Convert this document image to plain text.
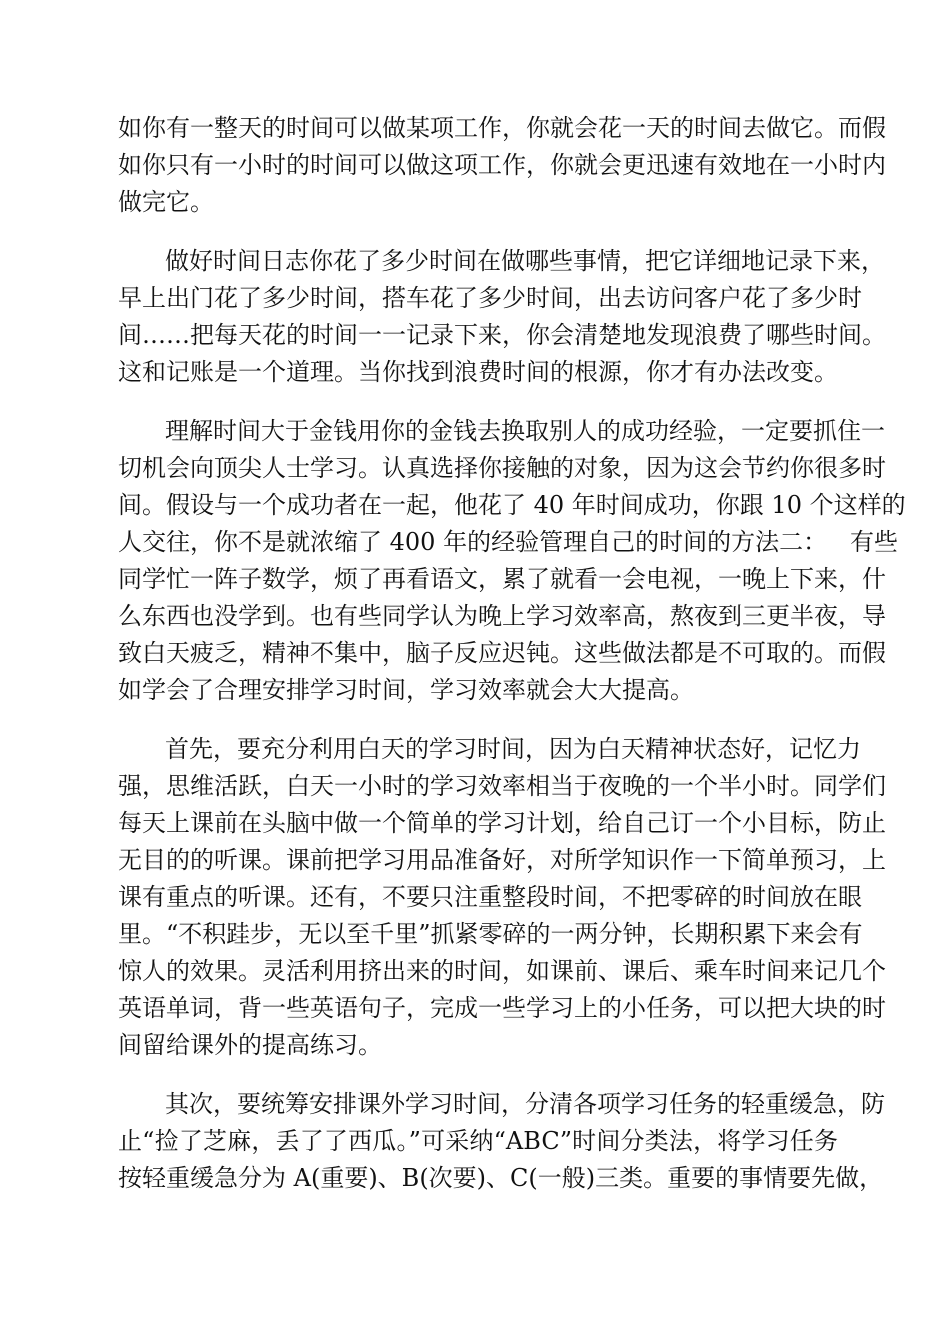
如你有一整天的时间可以做某项工作，你就会花一天的时间去做它。而假
如你只有一小时的时间可以做这项工作，你就会更迅速有效地在一小时内
做完它。
做好时间日志你花了多少时间在做哪些事情，把它详细地记录下来，
早上出门花了多少时间，搭车花了多少时间，出去访问客户花了多少时
间……把每天花的时间一一记录下来，你会清楚地发现浪费了哪些时间。
这和记账是一个道理。当你找到浪费时间的根源，你才有办法改变。
理解时间大于金钱用你的金钱去换取别人的成功经验，一定要抓住一
切机会向顶尖人士学习。认真选择你接触的对象，因为这会节约你很多时
间。假设与一个成功者在一起，他花了 40 年时间成功，你跟 10 个这样的
人交往，你不是就浓缩了 400 年的经验管理自己的时间的方法二：   有些
同学忙一阵子数学，烦了再看语文，累了就看一会电视，一晚上下来，什
么东西也没学到。也有些同学认为晚上学习效率高，熬夜到三更半夜，导
致白天疲乏，精神不集中，脑子反应迟钝。这些做法都是不可取的。而假
如学会了合理安排学习时间，学习效率就会大大提高。
首先，要充分利用白天的学习时间，因为白天精神状态好，记忆力
强，思维活跃，白天一小时的学习效率相当于夜晚的一个半小时。同学们
每天上课前在头脑中做一个简单的学习计划，给自己订一个小目标，防止
无目的的听课。课前把学习用品准备好，对所学知识作一下简单预习，上
课有重点的听课。还有，不要只注重整段时间，不把零碎的时间放在眼
里。“不积跬步，无以至千里”抓紧零碎的一两分钟，长期积累下来会有
惊人的效果。灵活利用挤出来的时间，如课前、课后、乘车时间来记几个
英语单词，背一些英语句子，完成一些学习上的小任务，可以把大块的时
间留给课外的提高练习。
其次，要统筹安排课外学习时间，分清各项学习任务的轻重缓急，防
止“捡了芝麻，丢了了西瓜。”可采纳“ABC”时间分类法，将学习任务
按轻重缓急分为 A(重要)、B(次要)、C(一般)三类。重要的事情要先做，
